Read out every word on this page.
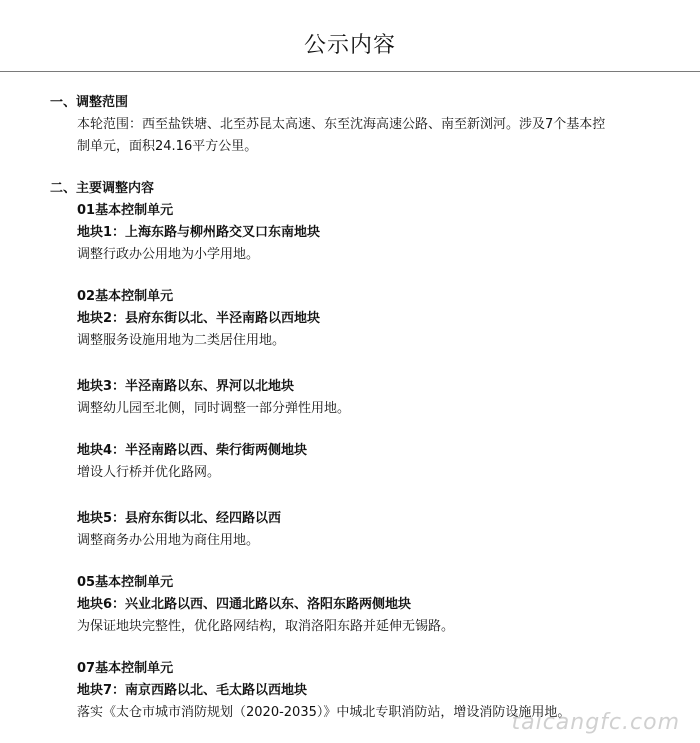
公示内容
一、调整范围
本轮范围：西至盐铁塘、北至苏昆太高速、东至沈海高速公路、南至新浏河。涉及7个基本控
制单元，面积24.16平方公里。
二、主要调整内容
01基本控制单元
地块1：上海东路与柳州路交叉口东南地块
调整行政办公用地为小学用地。
02基本控制单元
地块2：县府东街以北、半泾南路以西地块
调整服务设施用地为二类居住用地。
地块3：半泾南路以东、界河以北地块
调整幼儿园至北侧，同时调整一部分弹性用地。
地块4：半泾南路以西、柴行街两侧地块
增设人行桥并优化路网。
地块5：县府东街以北、经四路以西
调整商务办公用地为商住用地。
05基本控制单元
地块6：兴业北路以西、四通北路以东、洛阳东路两侧地块
为保证地块完整性，优化路网结构，取消洛阳东路并延伸无锡路。
07基本控制单元
地块7：南京西路以北、毛太路以西地块
落实《太仓市城市消防规划（2020-2035）》中城北专职消防站，增设消防设施用地。
taicangfc.com
